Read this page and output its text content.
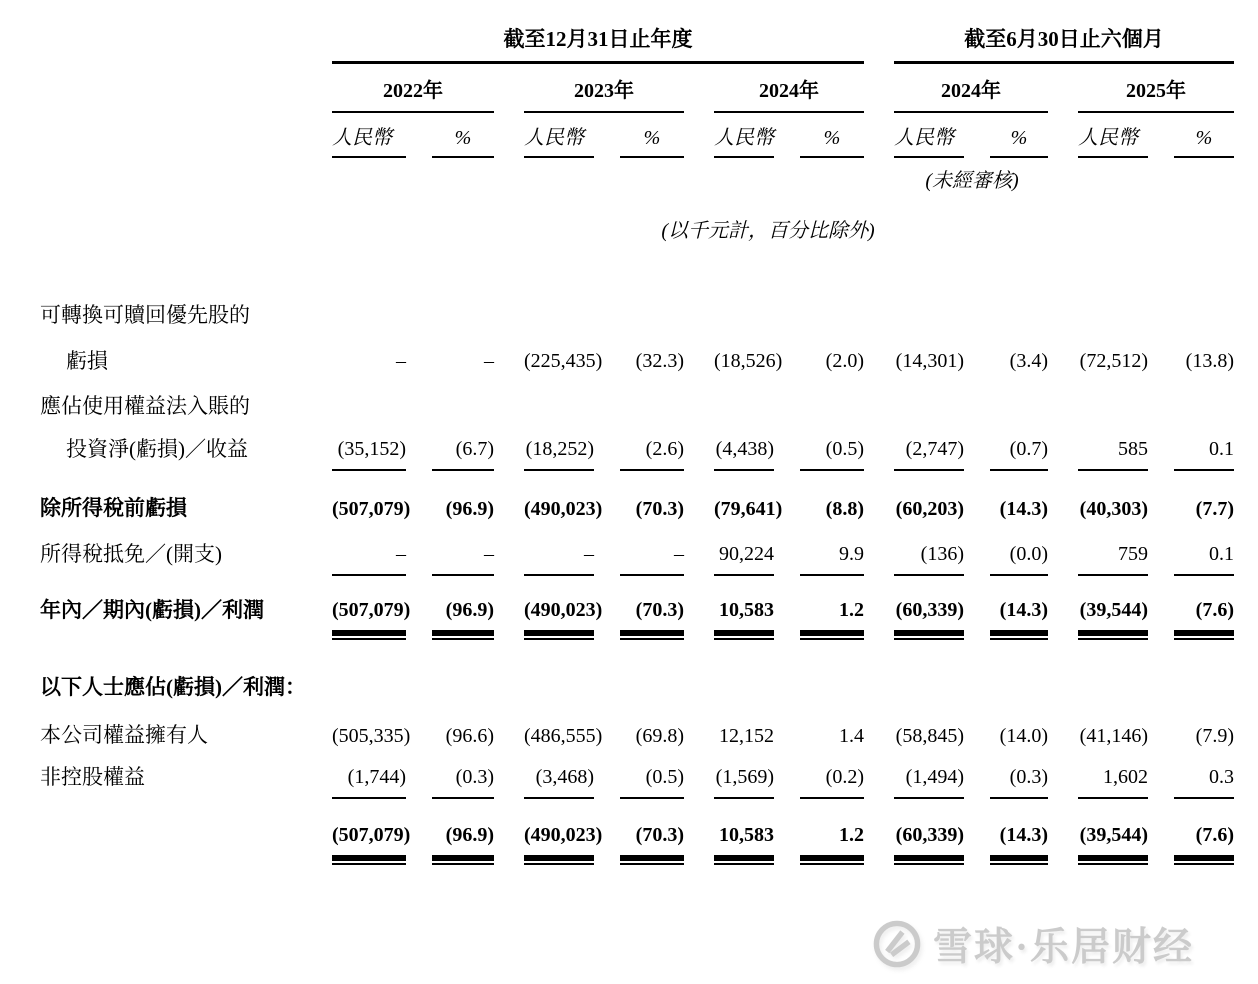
	截至12月31日止年度						截至6月30日止六個月			

	2022年		2023年		2024年		2024年		2025年	

	人民幣	%	人民幣	%	人民幣	%	人民幣	%	人民幣	%

							(未經審核)			

	(以千元計，百分比除外)									

可轉換可贖回優先股的										
虧損	–	–	(225,435)	(32.3)	(18,526)	(2.0)	(14,301)	(3.4)	(72,512)	(13.8)

應佔使用權益法入賬的										
投資淨(虧損)／收益	(35,152)	(6.7)	(18,252)	(2.6)	(4,438)	(0.5)	(2,747)	(0.7)	585	0.1

除所得稅前虧損	(507,079)	(96.9)	(490,023)	(70.3)	(79,641)	(8.8)	(60,203)	(14.3)	(40,303)	(7.7)

所得稅抵免／(開支)	–	–	–	–	90,224	9.9	(136)	(0.0)	759	0.1

年內／期內(虧損)／利潤	(507,079)	(96.9)	(490,023)	(70.3)	10,583	1.2	(60,339)	(14.3)	(39,544)	(7.6)

以下人士應佔(虧損)／利潤：										
本公司權益擁有人	(505,335)	(96.6)	(486,555)	(69.8)	12,152	1.4	(58,845)	(14.0)	(41,146)	(7.9)

非控股權益	(1,744)	(0.3)	(3,468)	(0.5)	(1,569)	(0.2)	(1,494)	(0.3)	1,602	0.3

	(507,079)	(96.9)	(490,023)	(70.3)	10,583	1.2	(60,339)	(14.3)	(39,544)	(7.6)
雪球·乐居财经
